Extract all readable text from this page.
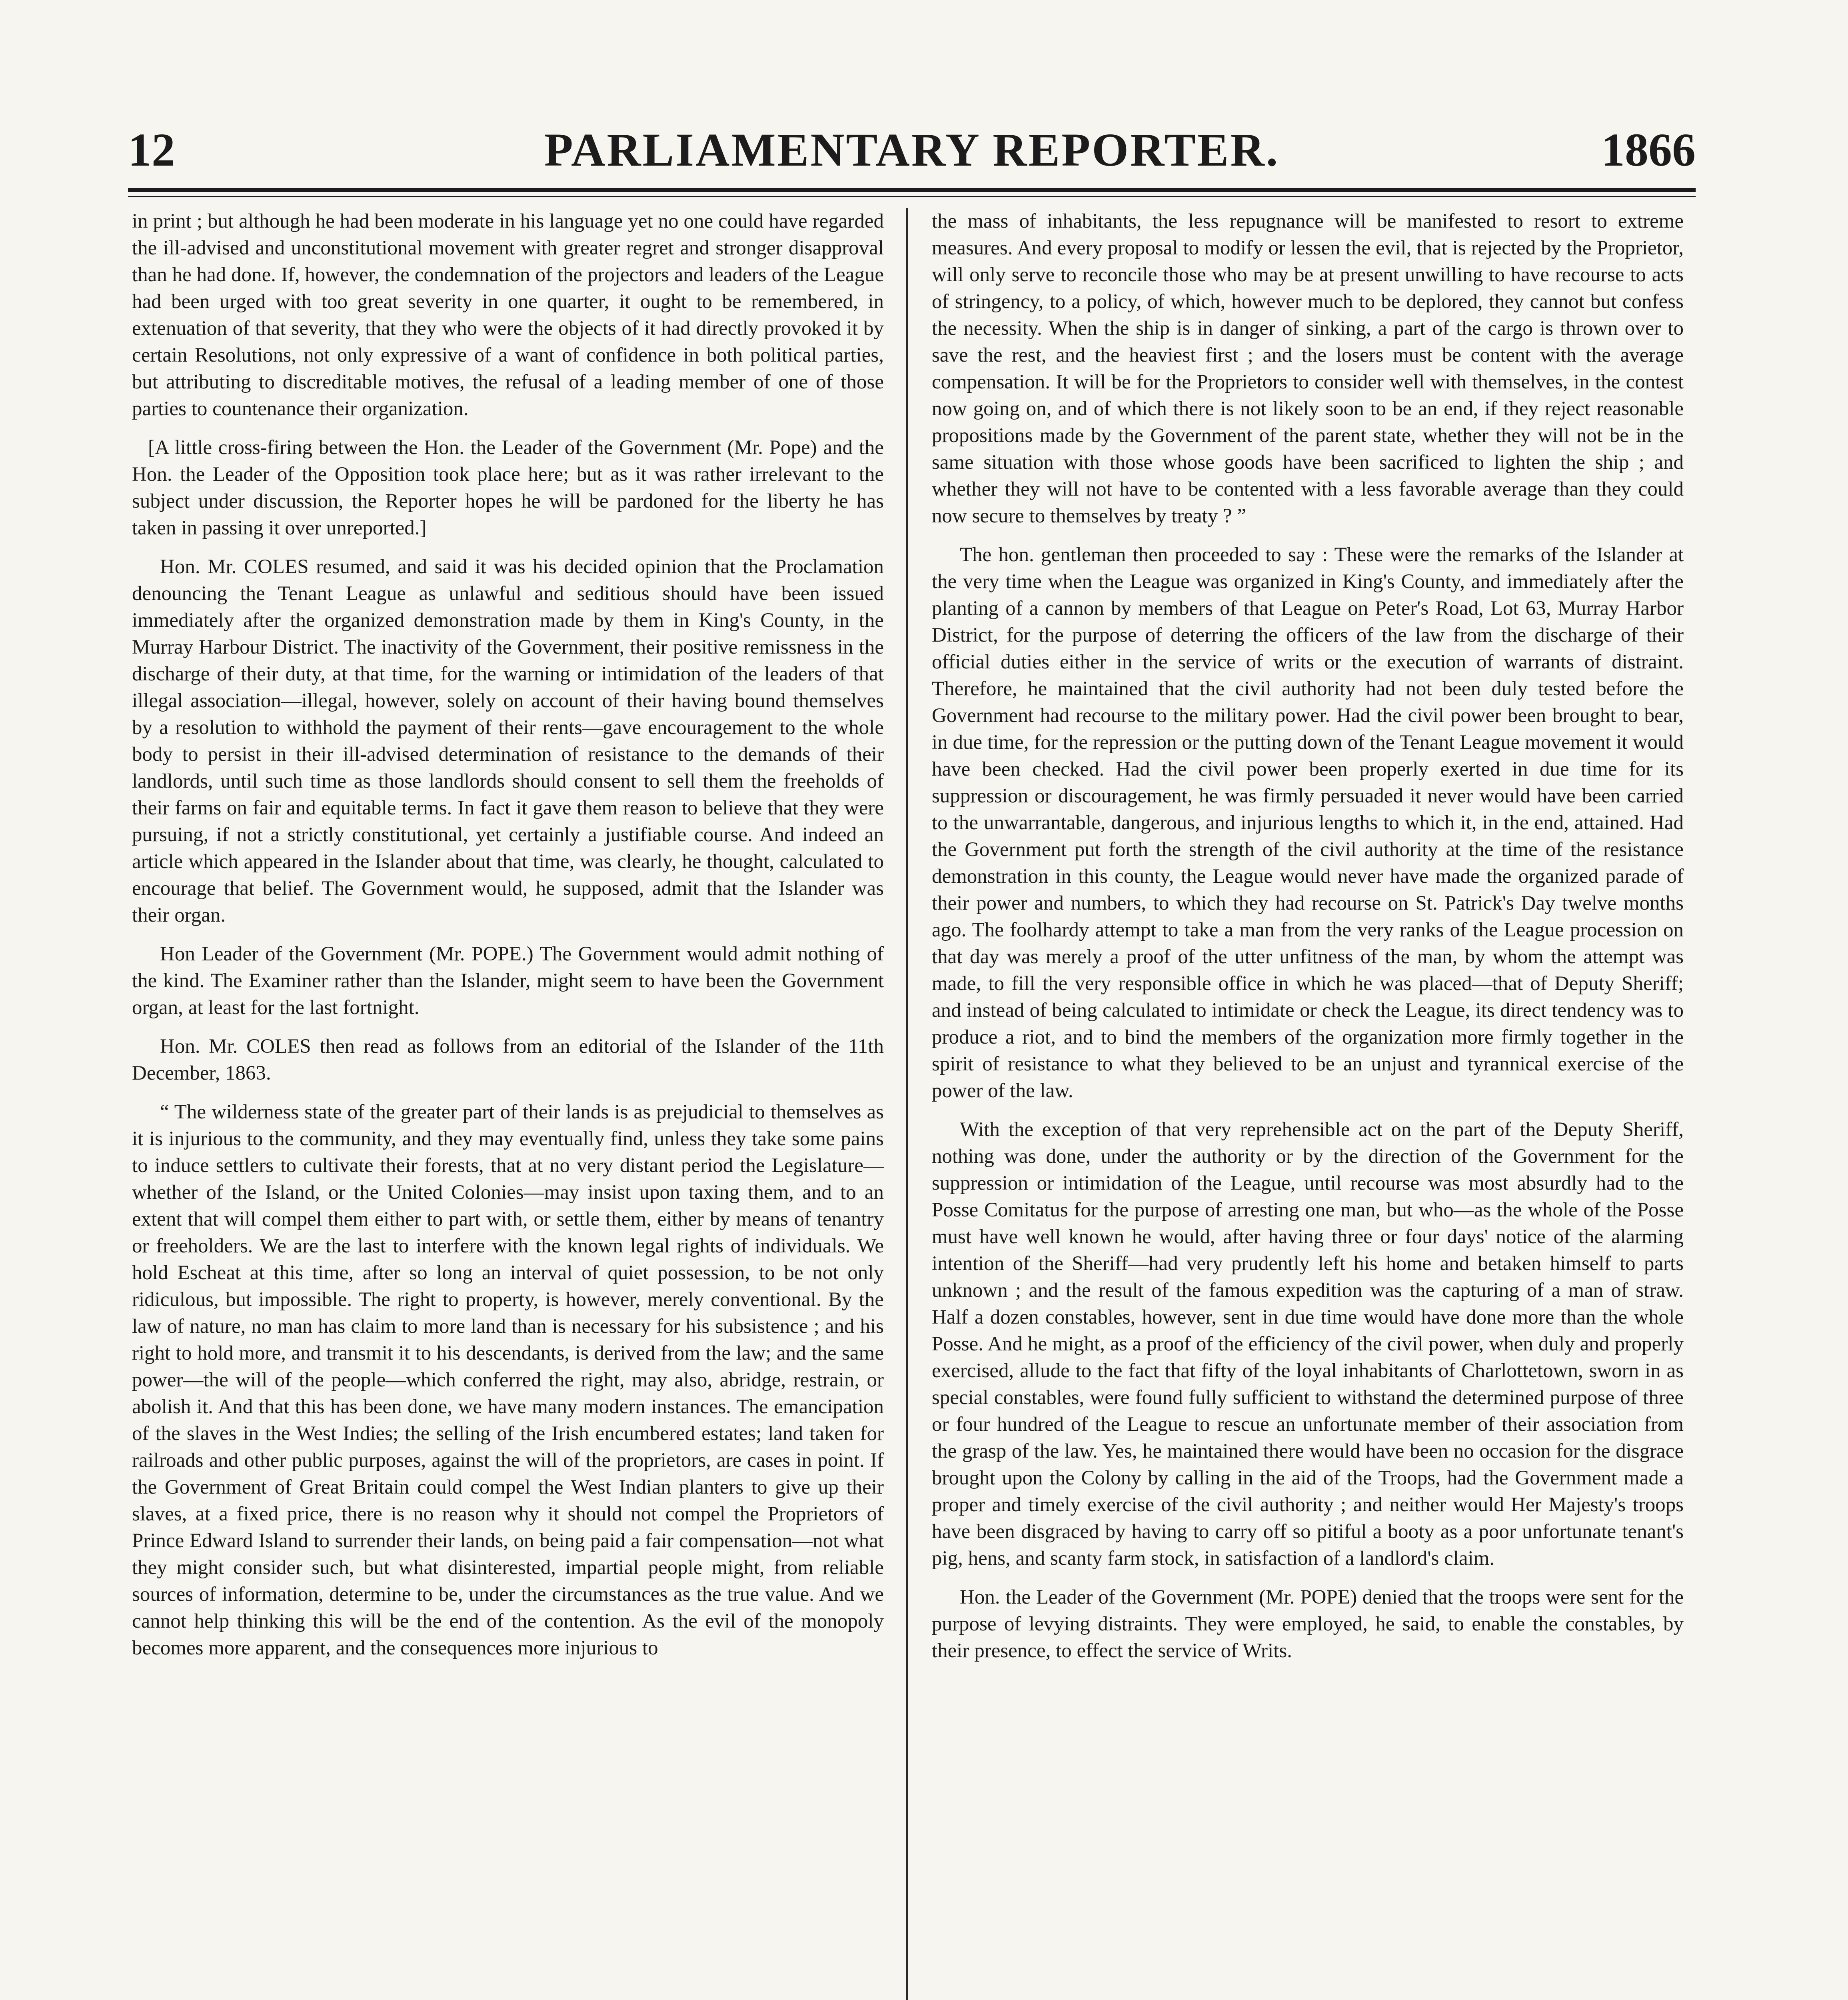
12	PARLIAMENTARY REPORTER.	1866

in print ; but although he had been moderate in his language yet no one could have regarded the ill-advised and unconstitutional movement with greater regret and stronger disapproval than he had done. If, however, the condemnation of the projectors and leaders of the League had been urged with too great severity in one quarter, it ought to be remembered, in extenuation of that severity, that they who were the objects of it had directly provoked it by certain Resolutions, not only expressive of a want of confidence in both political parties, but attributing to discreditable motives, the refusal of a leading member of one of those parties to countenance their organization.

[A little cross-firing between the Hon. the Leader of the Government (Mr. Pope) and the Hon. the Leader of the Opposition took place here; but as it was rather irrelevant to the subject under discussion, the Reporter hopes he will be pardoned for the liberty he has taken in passing it over unreported.]

Hon. Mr. COLES resumed, and said it was his decided opinion that the Proclamation denouncing the Tenant League as unlawful and seditious should have been issued immediately after the organized demonstration made by them in King's County, in the Murray Harbour District. The inactivity of the Government, their positive remissness in the discharge of their duty, at that time, for the warning or intimidation of the leaders of that illegal association—illegal, however, solely on account of their having bound themselves by a resolution to withhold the payment of their rents—gave encouragement to the whole body to persist in their ill-advised determination of resistance to the demands of their landlords, until such time as those landlords should consent to sell them the freeholds of their farms on fair and equitable terms. In fact it gave them reason to believe that they were pursuing, if not a strictly constitutional, yet certainly a justifiable course. And indeed an article which appeared in the Islander about that time, was clearly, he thought, calculated to encourage that belief. The Government would, he supposed, admit that the Islander was their organ.

Hon Leader of the Government (Mr. POPE.) The Government would admit nothing of the kind. The Examiner rather than the Islander, might seem to have been the Government organ, at least for the last fortnight.

Hon. Mr. COLES then read as follows from an editorial of the Islander of the 11th December, 1863.

“ The wilderness state of the greater part of their lands is as prejudicial to themselves as it is injurious to the community, and they may eventually find, unless they take some pains to induce settlers to cultivate their forests, that at no very distant period the Legislature—whether of the Island, or the United Colonies—may insist upon taxing them, and to an extent that will compel them either to part with, or settle them, either by means of tenantry or freeholders. We are the last to interfere with the known legal rights of individuals. We hold Escheat at this time, after so long an interval of quiet possession, to be not only ridiculous, but impossible. The right to property, is however, merely conventional. By the law of nature, no man has claim to more land than is necessary for his subsistence ; and his right to hold more, and transmit it to his descendants, is derived from the law; and the same power—the will of the people—which conferred the right, may also, abridge, restrain, or abolish it. And that this has been done, we have many modern instances. The emancipation of the slaves in the West Indies; the selling of the Irish encumbered estates; land taken for railroads and other public purposes, against the will of the proprietors, are cases in point. If the Government of Great Britain could compel the West Indian planters to give up their slaves, at a fixed price, there is no reason why it should not compel the Proprietors of Prince Edward Island to surrender their lands, on being paid a fair compensation—not what they might consider such, but what disinterested, impartial people might, from reliable sources of information, determine to be, under the circumstances as the true value. And we cannot help thinking this will be the end of the contention. As the evil of the monopoly becomes more apparent, and the consequences more injurious to

the mass of inhabitants, the less repugnance will be manifested to resort to extreme measures. And every proposal to modify or lessen the evil, that is rejected by the Proprietor, will only serve to reconcile those who may be at present unwilling to have recourse to acts of stringency, to a policy, of which, however much to be deplored, they cannot but confess the necessity. When the ship is in danger of sinking, a part of the cargo is thrown over to save the rest, and the heaviest first ; and the losers must be content with the average compensation. It will be for the Proprietors to consider well with themselves, in the contest now going on, and of which there is not likely soon to be an end, if they reject reasonable propositions made by the Government of the parent state, whether they will not be in the same situation with those whose goods have been sacrificed to lighten the ship ; and whether they will not have to be contented with a less favorable average than they could now secure to themselves by treaty ? ”

The hon. gentleman then proceeded to say : These were the remarks of the Islander at the very time when the League was organized in King's County, and immediately after the planting of a cannon by members of that League on Peter's Road, Lot 63, Murray Harbor District, for the purpose of deterring the officers of the law from the discharge of their official duties either in the service of writs or the execution of warrants of distraint. Therefore, he maintained that the civil authority had not been duly tested before the Government had recourse to the military power. Had the civil power been brought to bear, in due time, for the repression or the putting down of the Tenant League movement it would have been checked. Had the civil power been properly exerted in due time for its suppression or discouragement, he was firmly persuaded it never would have been carried to the unwarrantable, dangerous, and injurious lengths to which it, in the end, attained. Had the Government put forth the strength of the civil authority at the time of the resistance demonstration in this county, the League would never have made the organized parade of their power and numbers, to which they had recourse on St. Patrick's Day twelve months ago. The foolhardy attempt to take a man from the very ranks of the League procession on that day was merely a proof of the utter unfitness of the man, by whom the attempt was made, to fill the very responsible office in which he was placed—that of Deputy Sheriff; and instead of being calculated to intimidate or check the League, its direct tendency was to produce a riot, and to bind the members of the organization more firmly together in the spirit of resistance to what they believed to be an unjust and tyrannical exercise of the power of the law.

With the exception of that very reprehensible act on the part of the Deputy Sheriff, nothing was done, under the authority or by the direction of the Government for the suppression or intimidation of the League, until recourse was most absurdly had to the Posse Comitatus for the purpose of arresting one man, but who—as the whole of the Posse must have well known he would, after having three or four days' notice of the alarming intention of the Sheriff—had very prudently left his home and betaken himself to parts unknown ; and the result of the famous expedition was the capturing of a man of straw. Half a dozen constables, however, sent in due time would have done more than the whole Posse. And he might, as a proof of the efficiency of the civil power, when duly and properly exercised, allude to the fact that fifty of the loyal inhabitants of Charlottetown, sworn in as special constables, were found fully sufficient to withstand the determined purpose of three or four hundred of the League to rescue an unfortunate member of their association from the grasp of the law. Yes, he maintained there would have been no occasion for the disgrace brought upon the Colony by calling in the aid of the Troops, had the Government made a proper and timely exercise of the civil authority ; and neither would Her Majesty's troops have been disgraced by having to carry off so pitiful a booty as a poor unfortunate tenant's pig, hens, and scanty farm stock, in satisfaction of a landlord's claim.

Hon. the Leader of the Government (Mr. POPE) denied that the troops were sent for the purpose of levying distraints. They were employed, he said, to enable the constables, by their presence, to effect the service of Writs.
